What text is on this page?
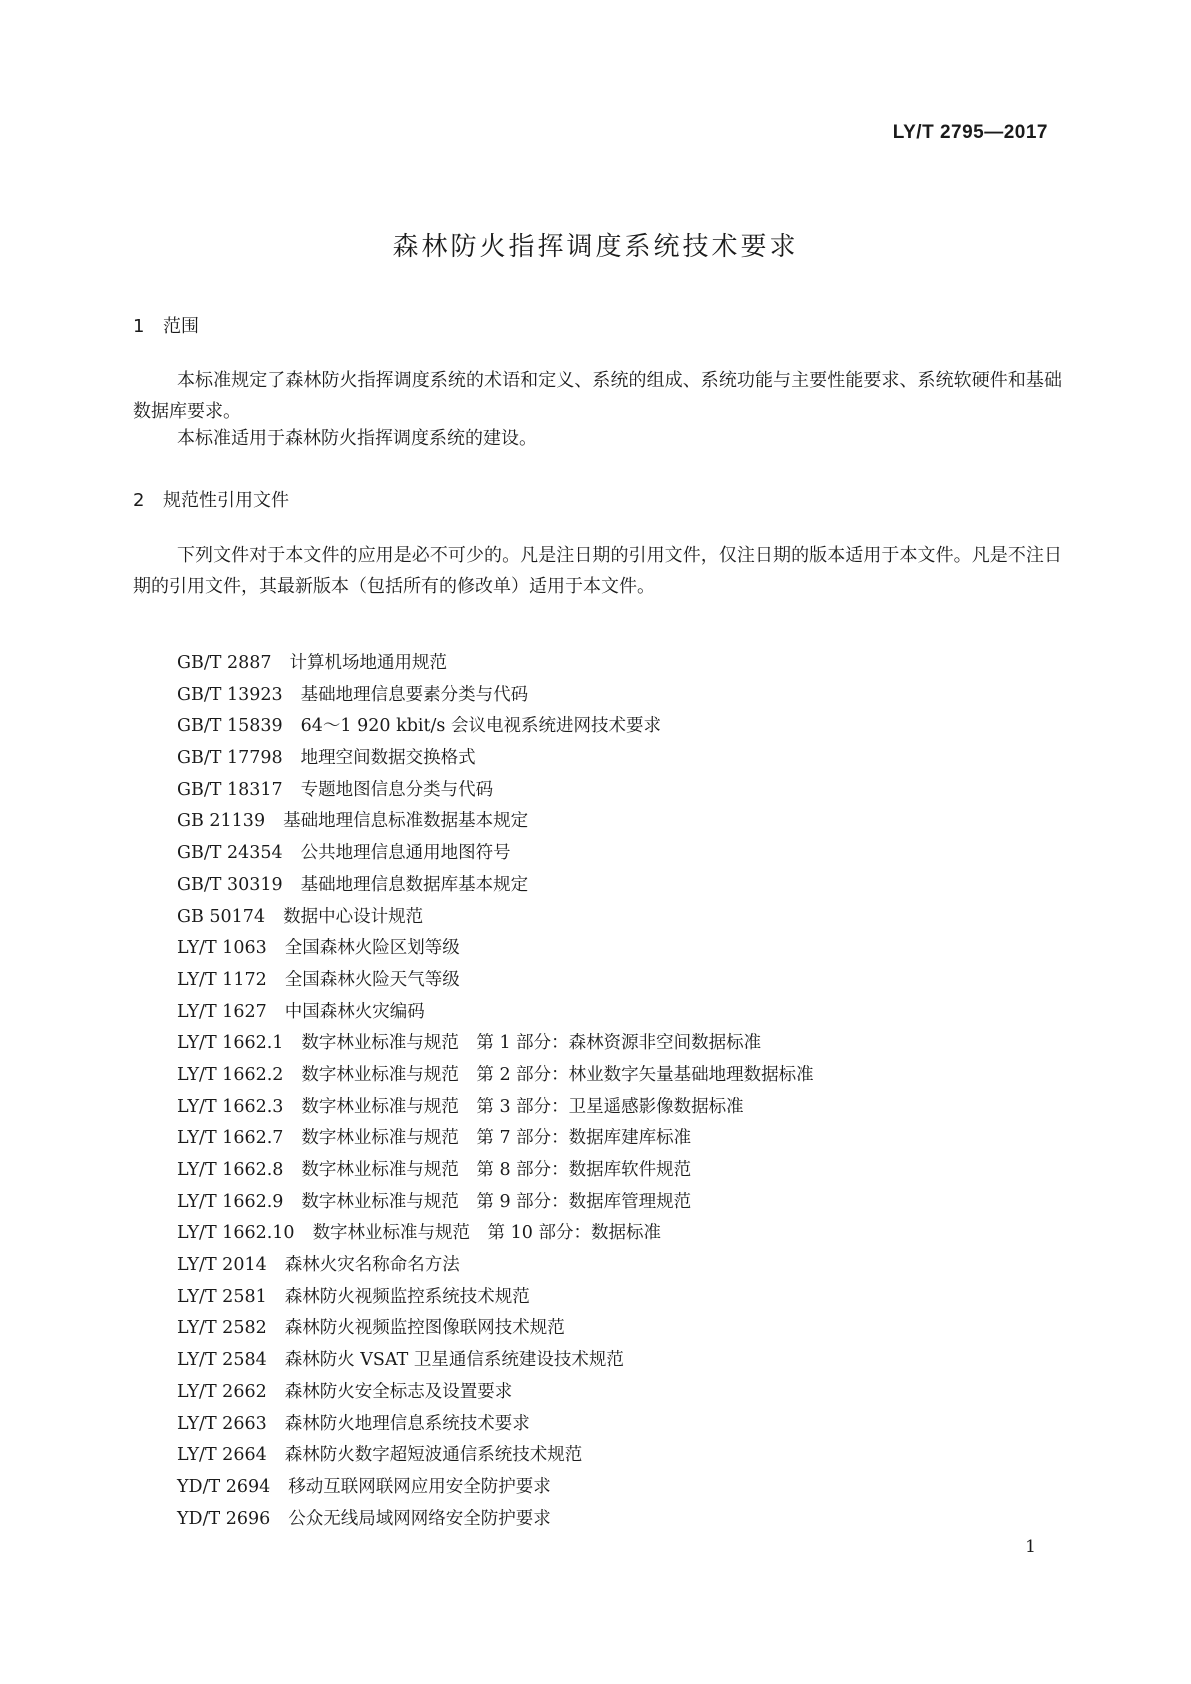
LY/T 2795—2017
森林防火指挥调度系统技术要求
1 范围

本标准规定了森林防火指挥调度系统的术语和定义、系统的组成、系统功能与主要性能要求、系统软硬件和基础数据库要求。

本标准适用于森林防火指挥调度系统的建设。

2 规范性引用文件

下列文件对于本文件的应用是必不可少的。凡是注日期的引用文件，仅注日期的版本适用于本文件。凡是不注日期的引用文件，其最新版本（包括所有的修改单）适用于本文件。

GB/T 2887 计算机场地通用规范
GB/T 13923 基础地理信息要素分类与代码
GB/T 15839 64～1 920 kbit/s 会议电视系统进网技术要求
GB/T 17798 地理空间数据交换格式
GB/T 18317 专题地图信息分类与代码
GB 21139 基础地理信息标准数据基本规定
GB/T 24354 公共地理信息通用地图符号
GB/T 30319 基础地理信息数据库基本规定
GB 50174 数据中心设计规范
LY/T 1063 全国森林火险区划等级
LY/T 1172 全国森林火险天气等级
LY/T 1627 中国森林火灾编码
LY/T 1662.1 数字林业标准与规范　第 1 部分：森林资源非空间数据标准
LY/T 1662.2 数字林业标准与规范　第 2 部分：林业数字矢量基础地理数据标准
LY/T 1662.3 数字林业标准与规范　第 3 部分：卫星遥感影像数据标准
LY/T 1662.7 数字林业标准与规范　第 7 部分：数据库建库标准
LY/T 1662.8 数字林业标准与规范　第 8 部分：数据库软件规范
LY/T 1662.9 数字林业标准与规范　第 9 部分：数据库管理规范
LY/T 1662.10 数字林业标准与规范　第 10 部分：数据标准
LY/T 2014 森林火灾名称命名方法
LY/T 2581 森林防火视频监控系统技术规范
LY/T 2582 森林防火视频监控图像联网技术规范
LY/T 2584 森林防火 VSAT 卫星通信系统建设技术规范
LY/T 2662 森林防火安全标志及设置要求
LY/T 2663 森林防火地理信息系统技术要求
LY/T 2664 森林防火数字超短波通信系统技术规范
YD/T 2694 移动互联网联网应用安全防护要求
YD/T 2696 公众无线局域网网络安全防护要求
1
